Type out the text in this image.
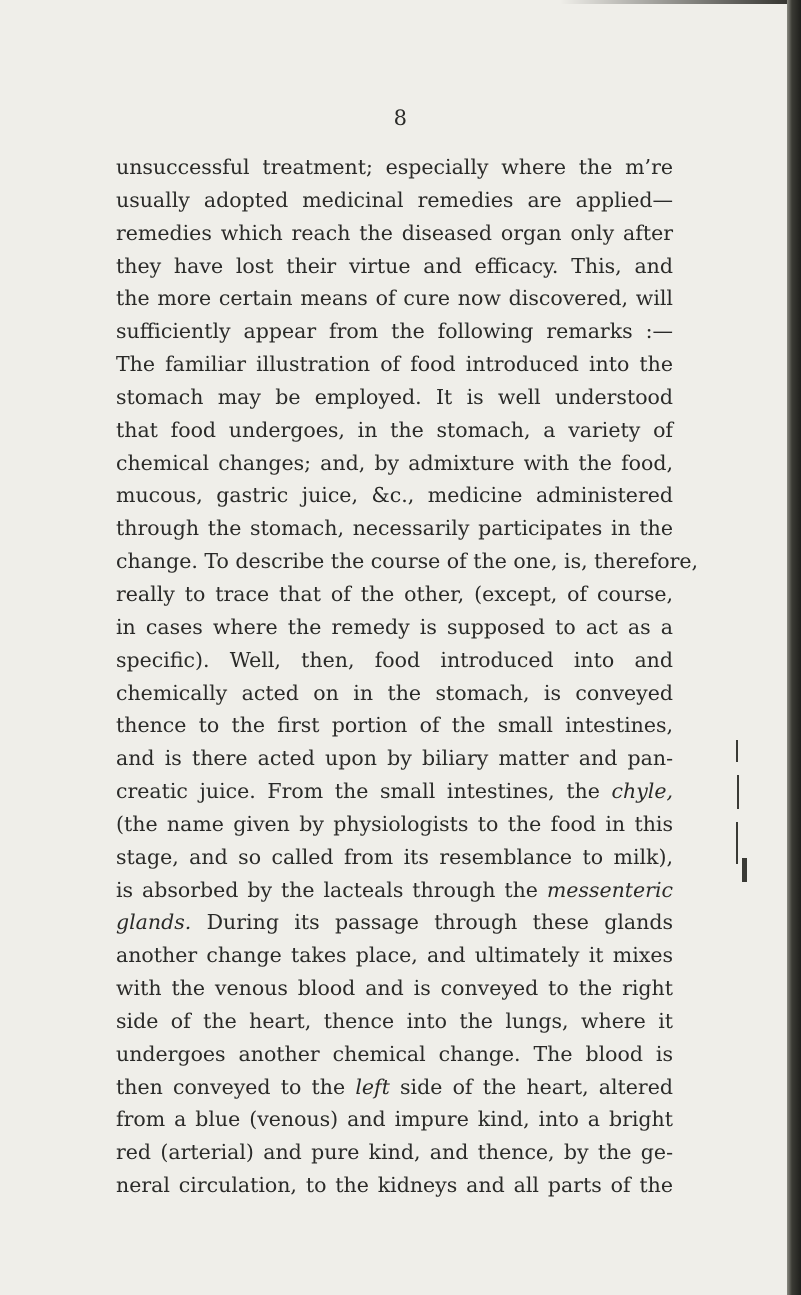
8
unsuccessful treatment; especially where the m’re
usually adopted medicinal remedies are applied—
remedies which reach the diseased organ only after
they have lost their virtue and efficacy. This, and
the more certain means of cure now discovered, will
sufficiently appear from the following remarks :—
The familiar illustration of food introduced into the
stomach may be employed. It is well understood
that food undergoes, in the stomach, a variety of
chemical changes; and, by admixture with the food,
mucous, gastric juice, &c., medicine administered
through the stomach, necessarily participates in the
change. To describe the course of the one, is, therefore,
really to trace that of the other, (except, of course,
in cases where the remedy is supposed to act as a
specific). Well, then, food introduced into and
chemically acted on in the stomach, is conveyed
thence to the first portion of the small intestines,
and is there acted upon by biliary matter and pan-
creatic juice. From the small intestines, the chyle,
(the name given by physiologists to the food in this
stage, and so called from its resemblance to milk),
is absorbed by the lacteals through the messenteric
glands. During its passage through these glands
another change takes place, and ultimately it mixes
with the venous blood and is conveyed to the right
side of the heart, thence into the lungs, where it
undergoes another chemical change. The blood is
then conveyed to the left side of the heart, altered
from a blue (venous) and impure kind, into a bright
red (arterial) and pure kind, and thence, by the ge-
neral circulation, to the kidneys and all parts of the
